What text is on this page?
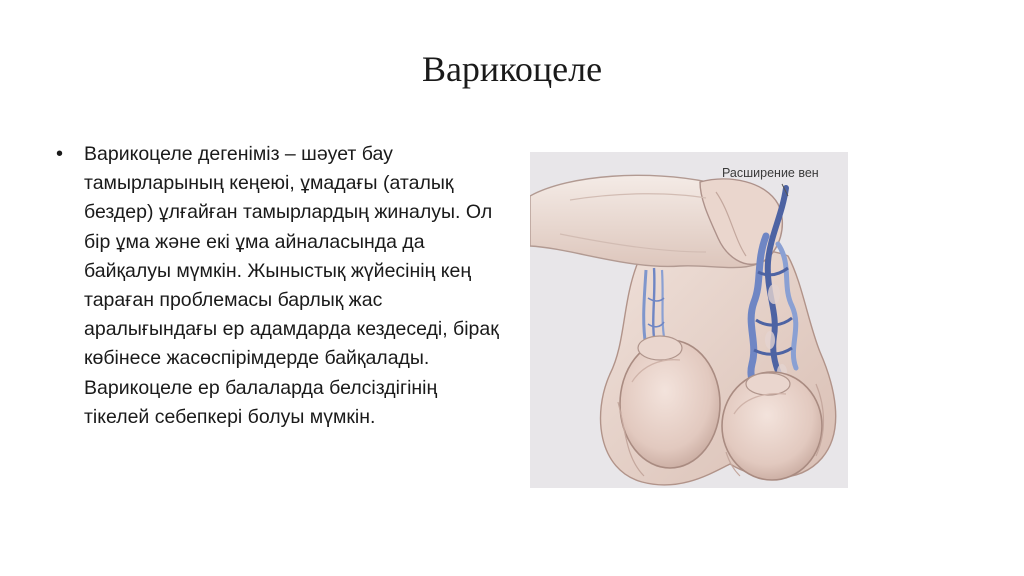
Варикоцеле
•	Варикоцеле дегеніміз – шәует бау тамырларының кеңеюі, ұмадағы (аталық бездер) ұлғайған тамырлардың жиналуы. Ол бір ұма және екі ұма айналасында да байқалуы мүмкін. Жыныстық жүйесінің кең тараған проблемасы барлық жас аралығындағы ер адамдарда кездеседі, бірақ көбінесе жасөспірімдерде байқалады. Варикоцеле ер балаларда белсіздігінің тікелей себепкері болуы мүмкін.
Расширение вен
